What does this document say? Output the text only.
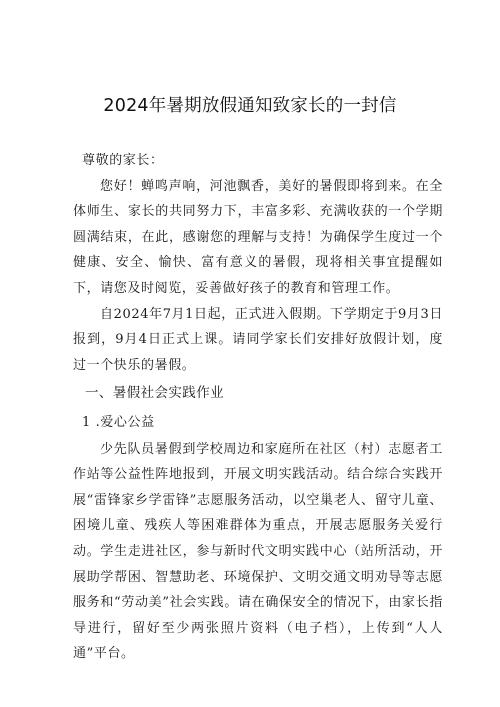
2024年暑期放假通知致家长的一封信

尊敬的家长：

您好！蝉鸣声响，河池飘香，美好的暑假即将到来。在全体师生、家长的共同努力下，丰富多彩、充满收获的一个学期圆满结束，在此，感谢您的理解与支持！为确保学生度过一个健康、安全、愉快、富有意义的暑假，现将相关事宜提醒如下，请您及时阅览，妥善做好孩子的教育和管理工作。

自2024年7月1日起，正式进入假期。下学期定于9月3日报到，9月4日正式上课。请同学家长们安排好放假计划，度过一个快乐的暑假。

一、暑假社会实践作业

1 .爱心公益

少先队员暑假到学校周边和家庭所在社区（村）志愿者工作站等公益性阵地报到，开展文明实践活动。结合综合实践开展“雷锋家乡学雷锋”志愿服务活动，以空巢老人、留守儿童、困境儿童、残疾人等困难群体为重点，开展志愿服务关爱行动。学生走进社区，参与新时代文明实践中心（站所活动，开展助学帮困、智慧助老、环境保护、文明交通文明劝导等志愿服务和“劳动美”社会实践。请在确保安全的情况下，由家长指导进行，留好至少两张照片资料（电子档），上传到“人人通”平台。
